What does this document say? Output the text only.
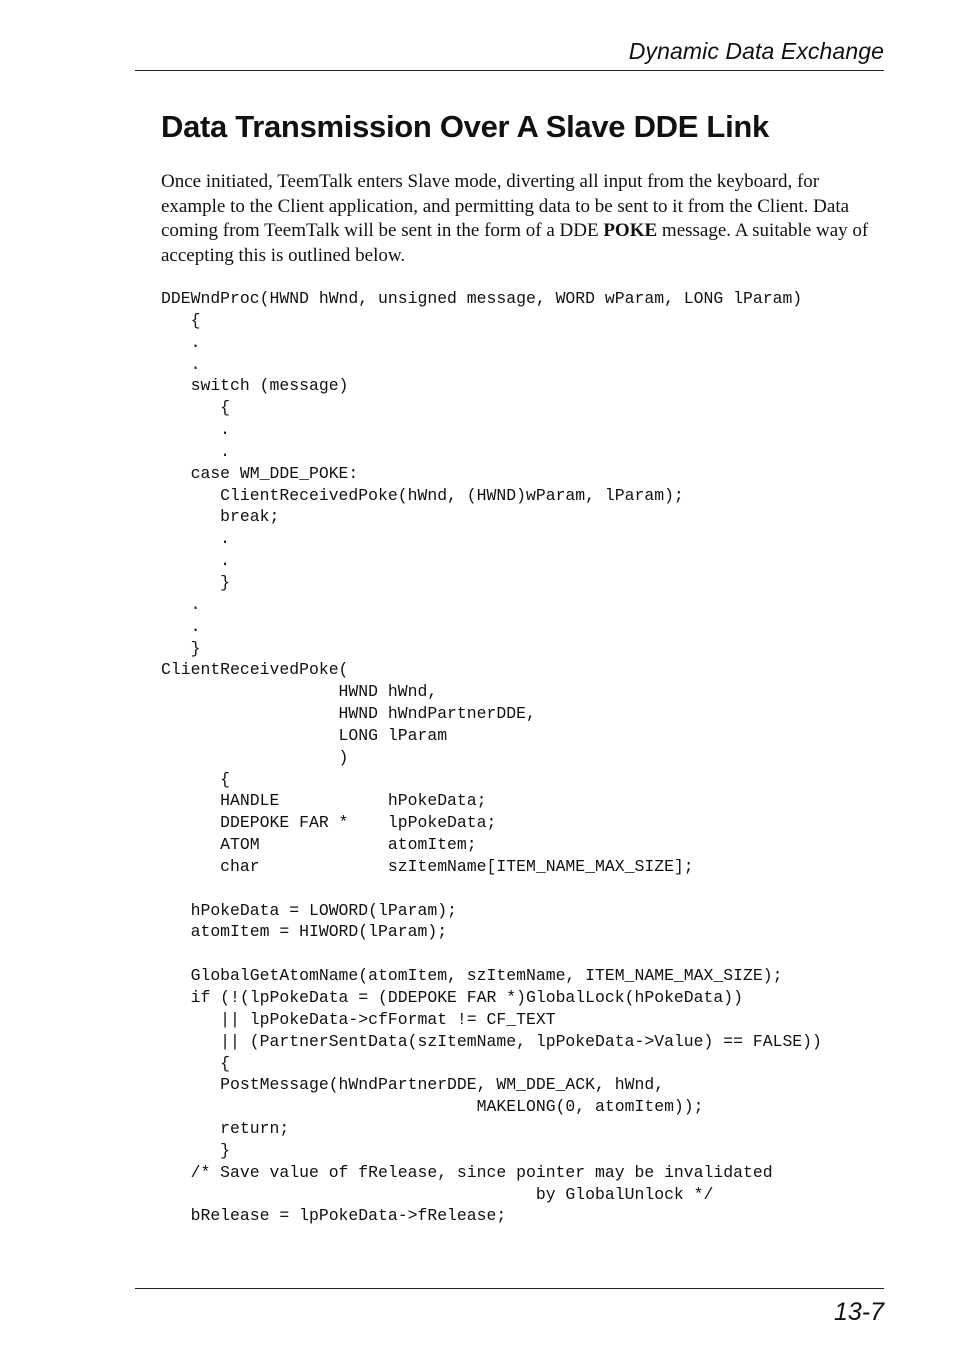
Dynamic Data Exchange
Data Transmission Over A Slave DDE Link

Once initiated, TeemTalk enters Slave mode, diverting all input from the keyboard, for example to the Client application, and permitting data to be sent to it from the Client. Data coming from TeemTalk will be sent in the form of a DDE POKE message. A suitable way of accepting this is outlined below.

DDEWndProc(HWND hWnd, unsigned message, WORD wParam, LONG lParam)
{
.
.
switch (message)
{
.
.
case WM_DDE_POKE:
ClientReceivedPoke(hWnd, (HWND)wParam, lParam);
break;
.
.
}
.
.
}
ClientReceivedPoke(
HWND hWnd,
HWND hWndPartnerDDE,
LONG lParam
)
{
HANDLE           hPokeData;
DDEPOKE FAR *    lpPokeData;
ATOM             atomItem;
char             szItemName[ITEM_NAME_MAX_SIZE];
hPokeData = LOWORD(lParam);
atomItem = HIWORD(lParam);
GlobalGetAtomName(atomItem, szItemName, ITEM_NAME_MAX_SIZE);
if (!(lpPokeData = (DDEPOKE FAR *)GlobalLock(hPokeData))
|| lpPokeData->cfFormat != CF_TEXT
|| (PartnerSentData(szItemName, lpPokeData->Value) == FALSE))
{
PostMessage(hWndPartnerDDE, WM_DDE_ACK, hWnd,
MAKELONG(0, atomItem));
return;
}
/* Save value of fRelease, since pointer may be invalidated
by GlobalUnlock */
bRelease = lpPokeData->fRelease;
13-7
